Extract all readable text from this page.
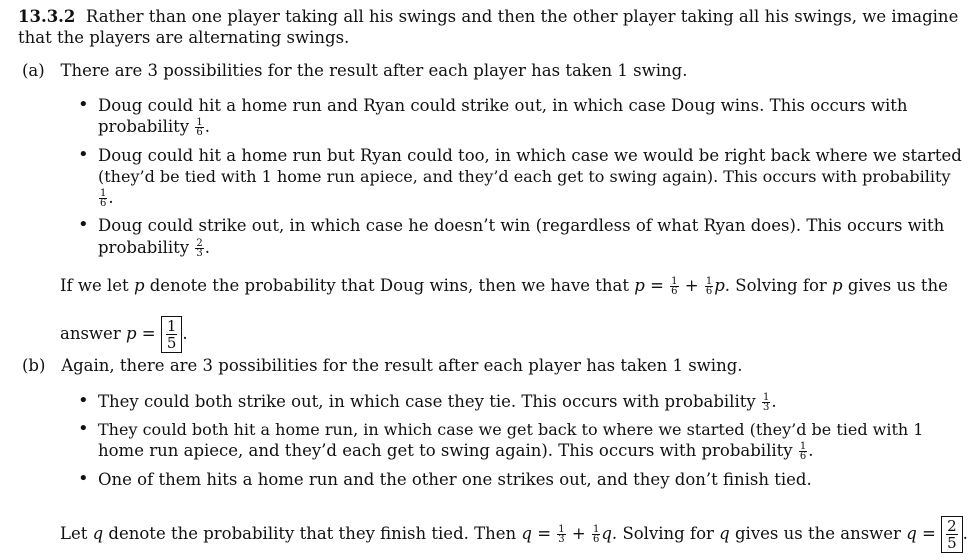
13.3.2 Rather than one player taking all his swings and then the other player taking all his swings, we imagine
that the players are alternating swings.
(a) There are 3 possibilities for the result after each player has taken 1 swing.
• Doug could hit a home run and Ryan could strike out, in which case Doug wins. This occurs with
probability $\frac{1}{6}$ .
• Doug could hit a home run but Ryan could too, in which case we would be right back where we started
(they’d be tied with 1 home run apiece, and they’d each get to swing again). This occurs with probability
$\frac{1}{6}$ .
• Doug could strike out, in which case he doesn’t win (regardless of what Ryan does). This occurs with
probability $\frac{2}{3}$ .
If we let p denote the probability that Doug wins, then we have that $p = \frac{1}{6} + \frac{1}{6} p$. Solving for p gives us the
answer $p = \frac{1}{5}$ .
(b) Again, there are 3 possibilities for the result after each player has taken 1 swing.
• They could both strike out, in which case they tie. This occurs with probability $\frac{1}{3}$ .
• They could both hit a home run, in which case we get back to where we started (they’d be tied with 1
home run apiece, and they’d each get to swing again). This occurs with probability $\frac{1}{6}$ .
• One of them hits a home run and the other one strikes out, and they don’t finish tied.
Let q denote the probability that they finish tied. Then $q = \frac{1}{3} + \frac{1}{6} q$. Solving for q gives us the answer $q = \frac{2}{5}$ .
